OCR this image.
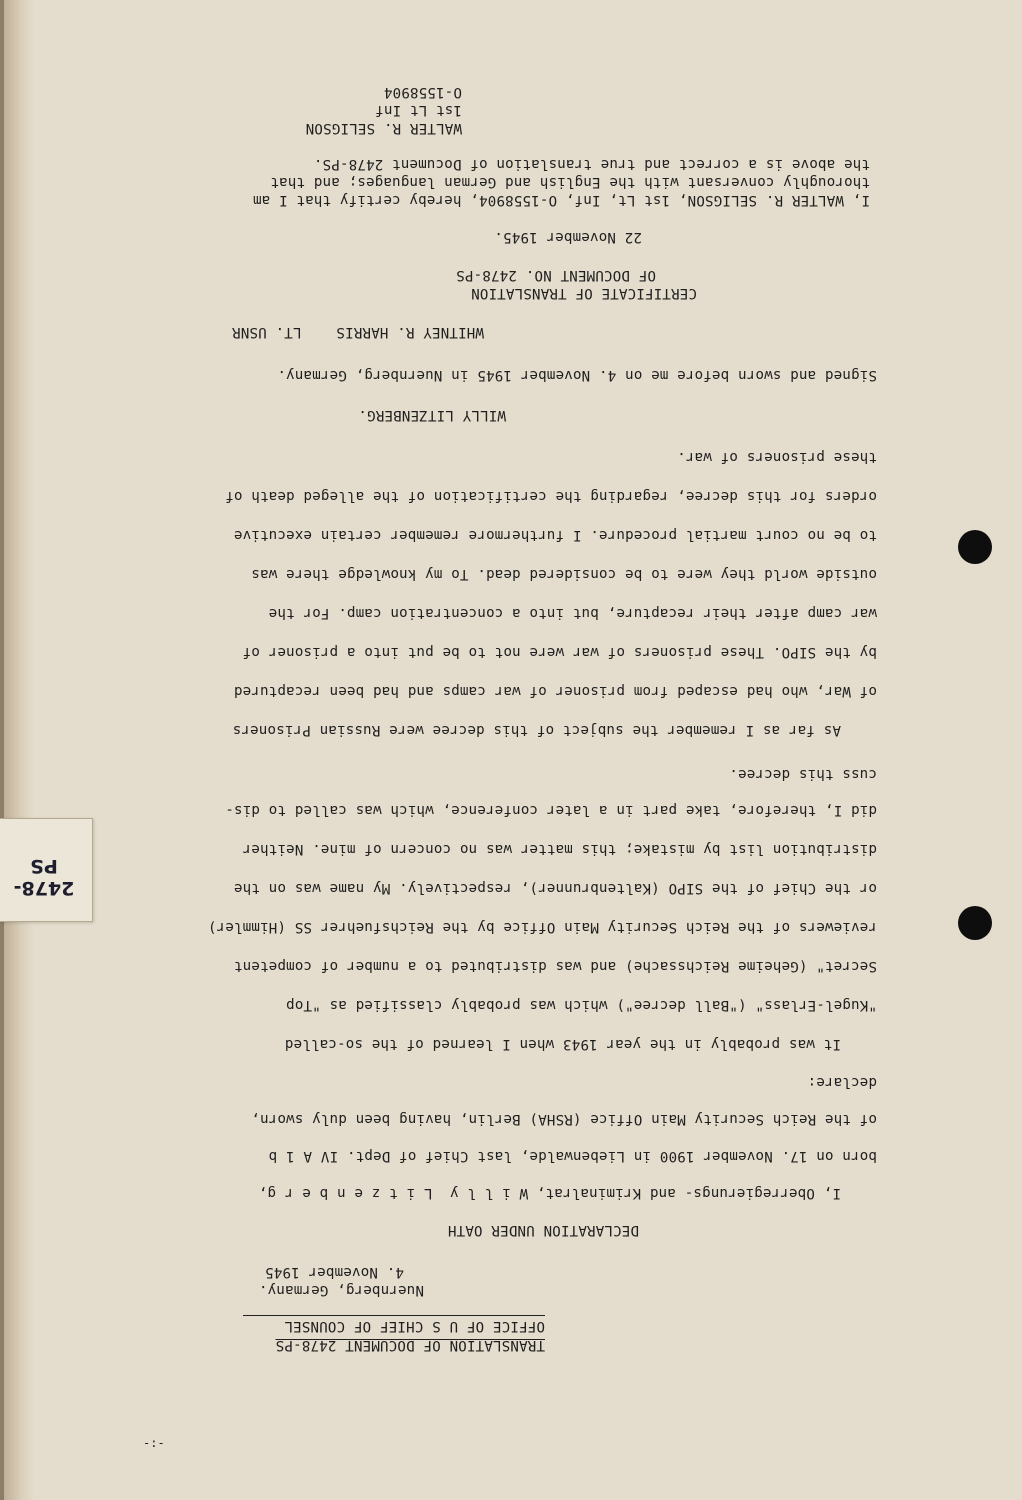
2478-PS
-:-
TRANSLATION OF DOCUMENT 2478-PS
OFFICE OF U S CHIEF OF COUNSEL
Nuernberg, Germany.
4. November 1945
DECLARATION UNDER OATH
I, Oberregierungs- and Kriminalrat, W i l l y  L i t z e n b e r g,
born on 17. November 1900 in Liebenwalde, last Chief of Dept. IV A 1 b
of the Reich Security Main Office (RSHA) Berlin, having been duly sworn,
declare:
It was probably in the year 1943 when I learned of the so-called
"Kugel-Erlass" ("Ball decree") which was probably classified as "Top
Secret" (Geheime Reichssache) and was distributed to a number of competent
reviewers of the Reich Security Main Office by the Reichsfuehrer SS (Himmler)
or the Chief of the SIPO (Kaltenbrunner), respectively. My name was on the
distribution list by mistake; this matter was no concern of mine. Neither
did I, therefore, take part in a later conference, which was called to dis-
cuss this decree.
As far as I remember the subject of this decree were Russian Prisoners
of War, who had escaped from prisoner of war camps and had been recaptured
by the SIPO. These prisoners of war were not to be put into a prisoner of
war camp after their recapture, but into a concentration camp. For the
outside world they were to be considered dead. To my knowledge there was
to be no court martial procedure. I furthermore remember certain executive
orders for this decree, regarding the certification of the alleged death of
these prisoners of war.
WILLY LITZENBERG.
Signed and sworn before me on 4. November 1945 in Nuernberg, Germany.
WHITNEY R. HARRIS    LT. USNR
CERTIFICATE OF TRANSLATION
OF DOCUMENT NO. 2478-PS
22 November 1945.
I, WALTER R. SELIGSON, 1st Lt, Inf, O-1558904, hereby certify that I am
thoroughly conversant with the English and German languages; and that
the above is a correct and true translation of Document 2478-PS.
WALTER R. SELIGSON
1st Lt Inf
O-1558904
